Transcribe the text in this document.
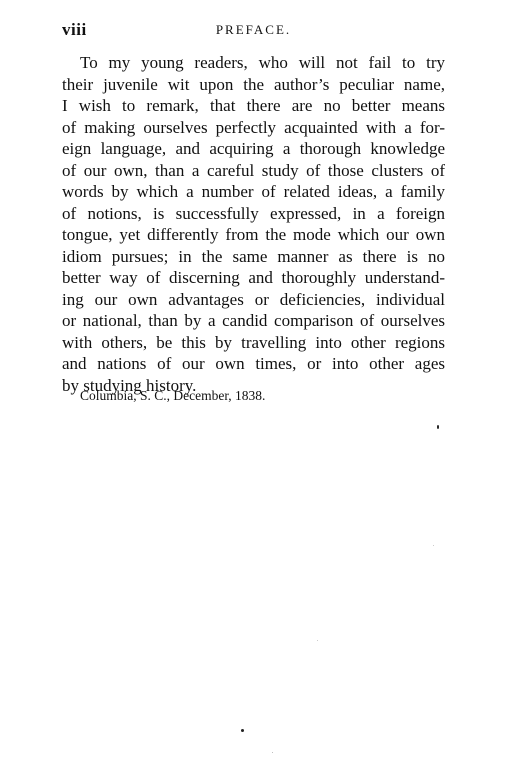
viii	PREFACE.
To my young readers, who will not fail to try
their juvenile wit upon the author’s peculiar name,
I wish to remark, that there are no better means
of making ourselves perfectly acquainted with a for-
eign language, and acquiring a thorough knowledge
of our own, than a careful study of those clusters of
words by which a number of related ideas, a family
of notions, is successfully expressed, in a foreign
tongue, yet differently from the mode which our own
idiom pursues; in the same manner as there is no
better way of discerning and thoroughly understand-
ing our own advantages or deficiencies, individual
or national, than by a candid comparison of ourselves
with others, be this by travelling into other regions
and nations of our own times, or into other ages
by studying history.
Columbia, S. C., December, 1838.
